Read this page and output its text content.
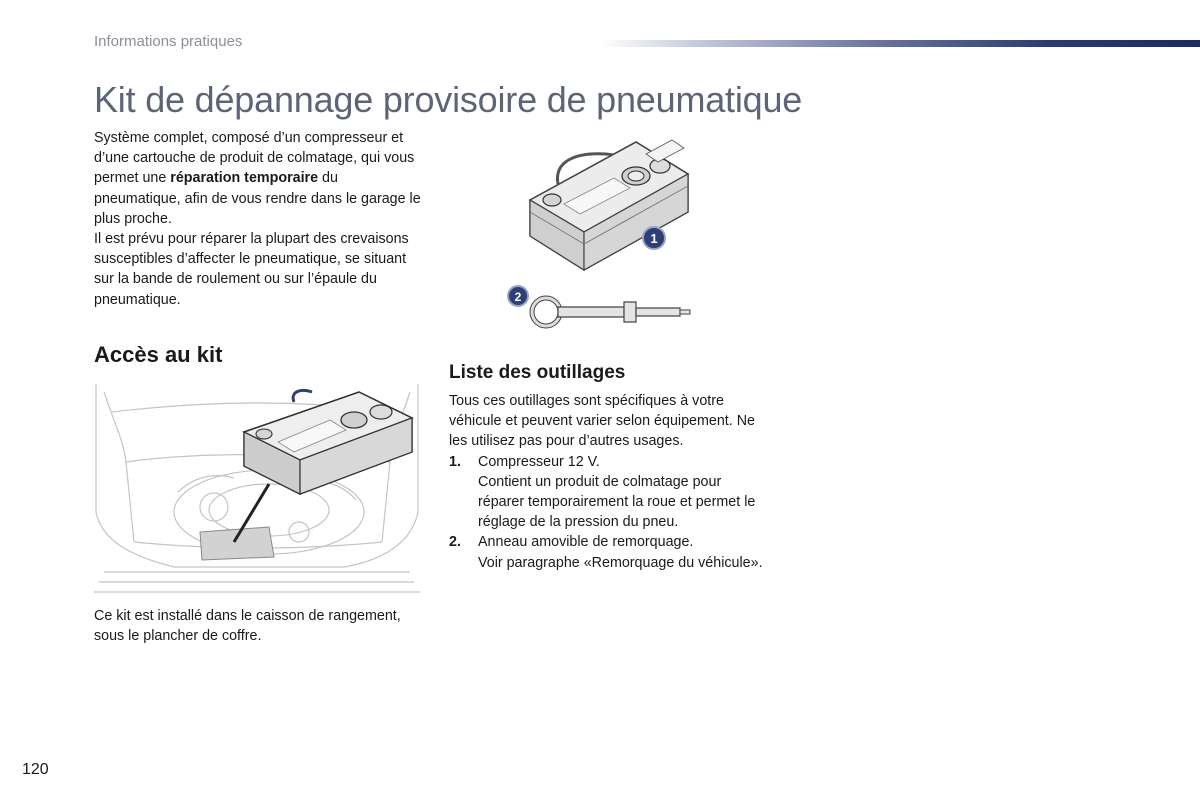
Informations pratiques
Kit de dépannage provisoire de pneumatique

Système complet, composé d’un compresseur et d’une cartouche de produit de colmatage, qui vous permet une réparation temporaire du pneumatique, afin de vous rendre dans le garage le plus proche.

Il est prévu pour réparer la plupart des crevaisons susceptibles d’affecter le pneumatique, se situant sur la bande de roulement ou sur l’épaule du pneumatique.

1
2
Accès au kit

Ce kit est installé dans le caisson de rangement, sous le plancher de coffre.

Liste des outillages

Tous ces outillages sont spécifiques à votre véhicule et peuvent varier selon équipement. Ne les utilisez pas pour d’autres usages.

1. Compresseur 12 V.

Contient un produit de colmatage pour réparer temporairement la roue et permet le réglage de la pression du pneu.

2. Anneau amovible de remorquage.

Voir paragraphe «Remorquage du véhicule».

120
